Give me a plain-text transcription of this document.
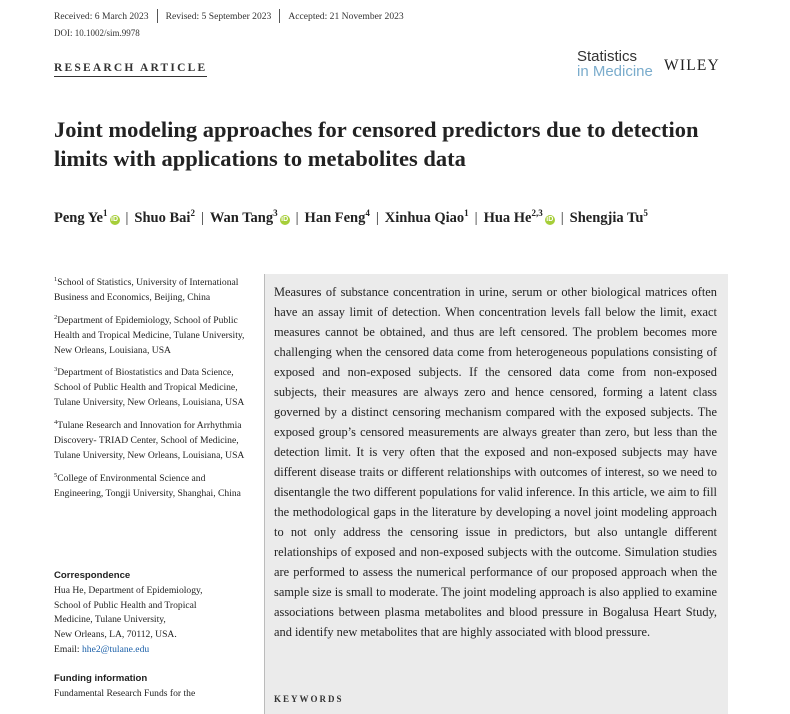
Received: 6 March 2023 Revised: 5 September 2023 Accepted: 21 November 2023
DOI: 10.1002/sim.9978
RESEARCH ARTICLE
Statistics
in Medicine WILEY
Joint modeling approaches for censored predictors due to detection limits with applications to metabolites data
Peng Ye$^1$iD | Shuo Bai$^2$ | Wan Tang$^3$iD | Han Feng$^4$ | Xinhua Qiao$^1$ | Hua He$^{2,3}$iD | Shengjia Tu$^5$

$^1$School of Statistics, University of International Business and Economics, Beijing, China

$^2$Department of Epidemiology, School of Public Health and Tropical Medicine, Tulane University, New Orleans, Louisiana, USA

$^3$Department of Biostatistics and Data Science, School of Public Health and Tropical Medicine, Tulane University, New Orleans, Louisiana, USA

$^4$Tulane Research and Innovation for Arrhythmia Discovery- TRIAD Center, School of Medicine, Tulane University, New Orleans, Louisiana, USA

$^5$College of Environmental Science and Engineering, Tongji University, Shanghai, China

Correspondence

Hua He, Department of Epidemiology,
School of Public Health and Tropical
Medicine, Tulane University,
New Orleans, LA, 70112, USA.
Email: hhe2@tulane.edu

Funding information

Fundamental Research Funds for the

Measures of substance concentration in urine, serum or other biological matrices often have an assay limit of detection. When concentration levels fall below the limit, exact measures cannot be obtained, and thus are left censored. The problem becomes more challenging when the censored data come from heterogeneous populations consisting of exposed and non-exposed subjects. If the censored data come from non-exposed subjects, their measures are always zero and hence censored, forming a latent class governed by a distinct censoring mechanism compared with the exposed subjects. The exposed group’s censored measurements are always greater than zero, but less than the detection limit. It is very often that the exposed and non-exposed subjects may have different disease traits or different relationships with outcomes of interest, so we need to disentangle the two different populations for valid inference. In this article, we aim to fill the methodological gaps in the literature by developing a novel joint modeling approach to not only address the censoring issue in predictors, but also untangle different relationships of exposed and non-exposed subjects with the outcome. Simulation studies are performed to assess the numerical performance of our proposed approach when the sample size is small to moderate. The joint modeling approach is also applied to examine associations between plasma metabolites and blood pressure in Bogalusa Heart Study, and identify new metabolites that are highly associated with blood pressure.

KEYWORDS
